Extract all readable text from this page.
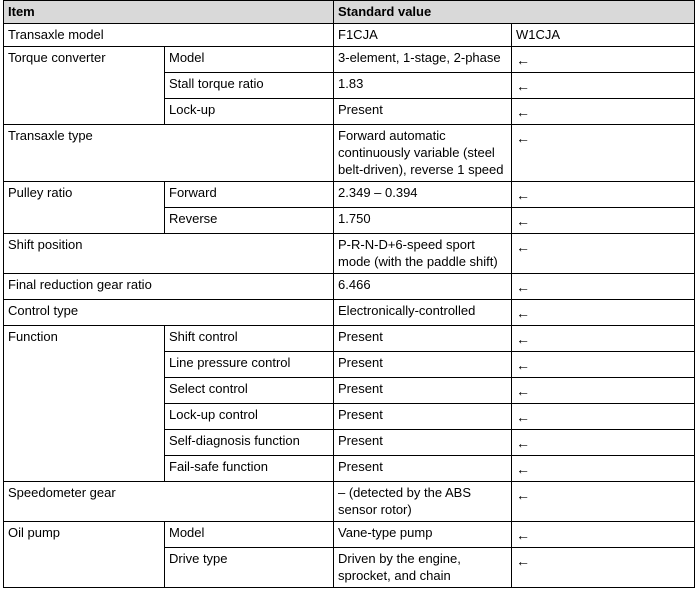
Item		Standard value	
Transaxle model		F1CJA	W1CJA
Torque converter	Model	3-element, 1-stage, 2-phase	←
	Stall torque ratio	1.83	←
	Lock-up	Present	←
Transaxle type		Forward automatic continuously variable (steel belt-driven), reverse 1 speed	←
Pulley ratio	Forward	2.349 – 0.394	←
	Reverse	1.750	←
Shift position		P-R-N-D+6-speed sport mode (with the paddle shift)	←
Final reduction gear ratio		6.466	←
Control type		Electronically-controlled	←
Function	Shift control	Present	←
	Line pressure control	Present	←
	Select control	Present	←
	Lock-up control	Present	←
	Self-diagnosis function	Present	←
	Fail-safe function	Present	←
Speedometer gear		– (detected by the ABS sensor rotor)	←
Oil pump	Model	Vane-type pump	←
	Drive type	Driven by the engine, sprocket, and chain	←
